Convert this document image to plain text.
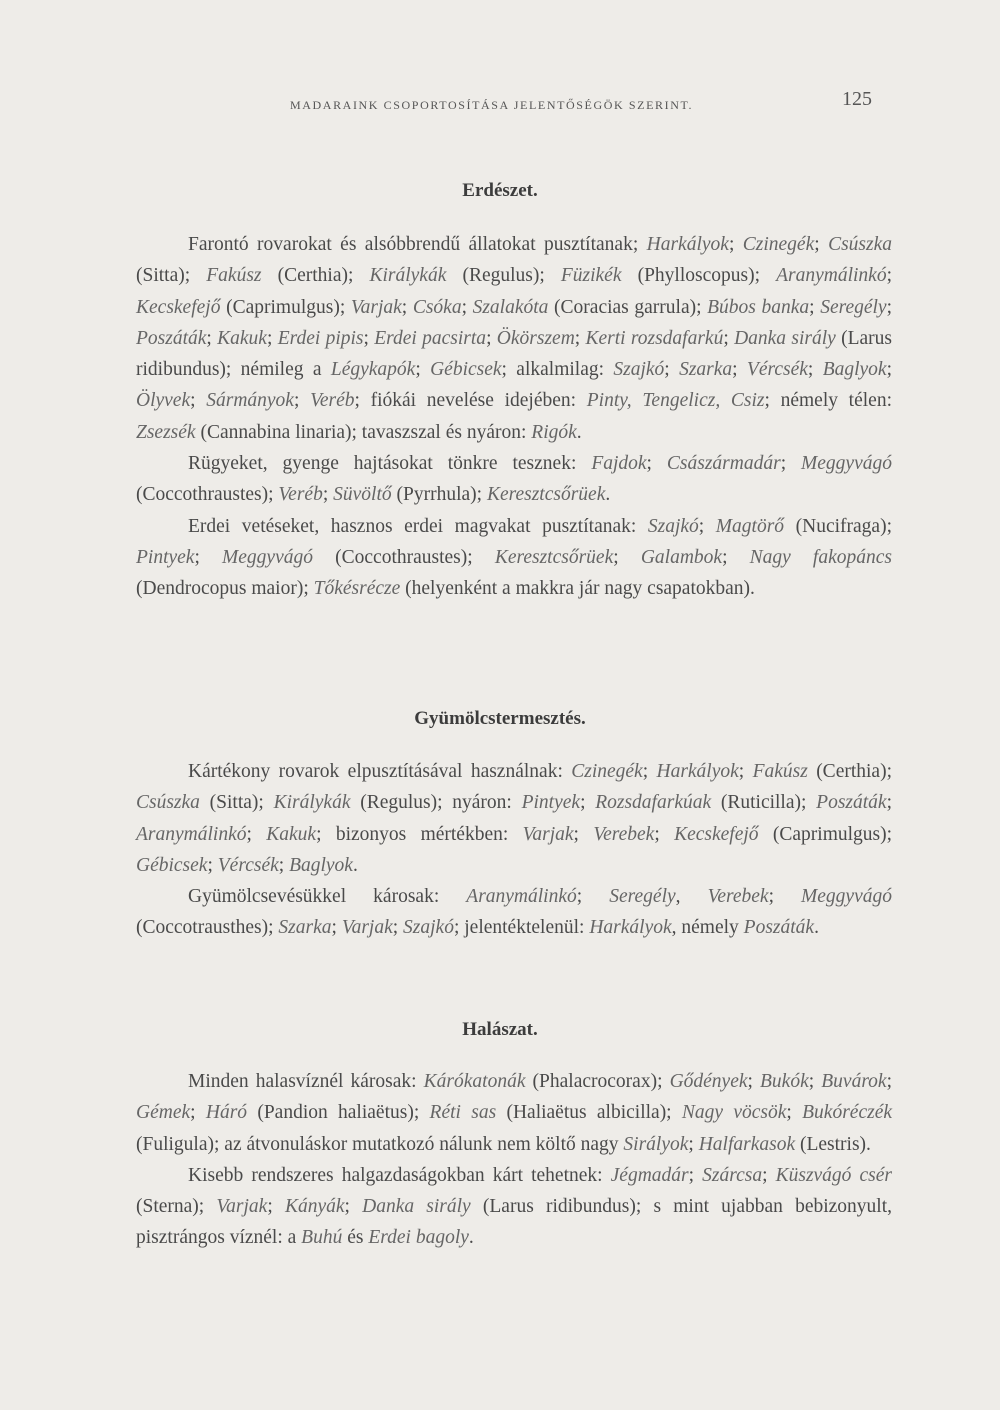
MADARAINK CSOPORTOSÍTÁSA JELENTŐSÉGÖK SZERINT.	125
Erdészet.

Farontó rovarokat és alsóbbrendű állatokat pusztítanak; Harkályok; Czinegék; Csúszka (Sitta); Fakúsz (Certhia); Királykák (Regulus); Füzikék (Phylloscopus); Aranymálinkó; Kecskefejő (Caprimulgus); Varjak; Csóka; Szalakóta (Coracias garrula); Búbos banka; Seregély; Poszáták; Kakuk; Erdei pipis; Erdei pacsirta; Ökörszem; Kerti rozsdafarkú; Danka sirály (Larus ridibundus); némileg a Légykapók; Gébicsek; alkalmilag: Szajkó; Szarka; Vércsék; Baglyok; Ölyvek; Sármányok; Veréb; fiókái nevelése idejében: Pinty, Tengelicz, Csiz; némely télen: Zsezsék (Cannabina linaria); tavaszszal és nyáron: Rigók.

Rügyeket, gyenge hajtásokat tönkre tesznek: Fajdok; Császármadár; Meggyvágó (Coccothraustes); Veréb; Süvöltő (Pyrrhula); Keresztcsőrüek.

Erdei vetéseket, hasznos erdei magvakat pusztítanak: Szajkó; Magtörő (Nucifraga); Pintyek; Meggyvágó (Coccothraustes); Keresztcsőrüek; Galambok; Nagy fakopáncs (Dendrocopus maior); Tőkésrécze (helyenként a makkra jár nagy csapatokban).

Gyümölcstermesztés.

Kártékony rovarok elpusztításával használnak: Czinegék; Harkályok; Fakúsz (Certhia); Csúszka (Sitta); Királykák (Regulus); nyáron: Pintyek; Rozsdafarkúak (Ruticilla); Poszáták; Aranymálinkó; Kakuk; bizonyos mértékben: Varjak; Verebek; Kecskefejő (Caprimulgus); Gébicsek; Vércsék; Baglyok.

Gyümölcsevésükkel károsak: Aranymálinkó; Seregély, Verebek; Meggyvágó (Coccotrausthes); Szarka; Varjak; Szajkó; jelentéktelenül: Harkályok, némely Poszáták.

Halászat.

Minden halasvíznél károsak: Kárókatonák (Phalacrocorax); Gődények; Bukók; Buvárok; Gémek; Háró (Pandion haliaëtus); Réti sas (Haliaëtus albicilla); Nagy vöcsök; Bukóréczék (Fuligula); az átvonuláskor mutatkozó nálunk nem költő nagy Sirályok; Halfarkasok (Lestris).

Kisebb rendszeres halgazdaságokban kárt tehetnek: Jégmadár; Szárcsa; Küszvágó csér (Sterna); Varjak; Kányák; Danka sirály (Larus ridibundus); s mint ujabban bebizonyult, pisztrángos víznél: a Buhú és Erdei bagoly.
